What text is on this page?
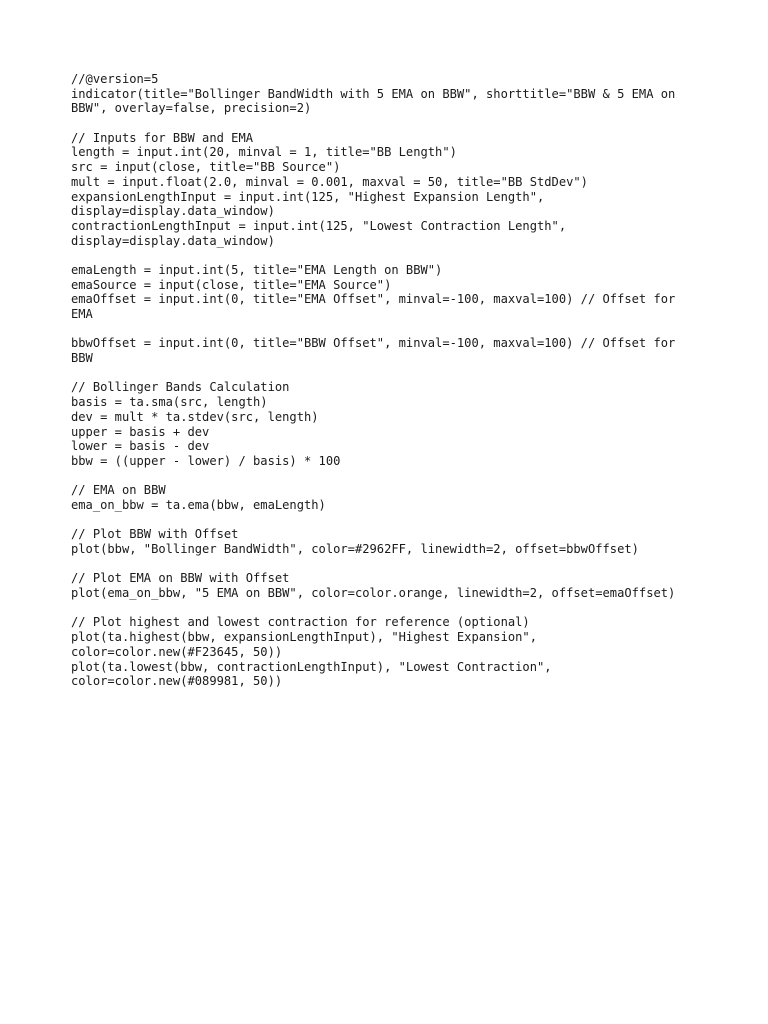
//@version=5
indicator(title="Bollinger BandWidth with 5 EMA on BBW", shorttitle="BBW & 5 EMA on
BBW", overlay=false, precision=2)
// Inputs for BBW and EMA
length = input.int(20, minval = 1, title="BB Length")
src = input(close, title="BB Source")
mult = input.float(2.0, minval = 0.001, maxval = 50, title="BB StdDev")
expansionLengthInput = input.int(125, "Highest Expansion Length",
display=display.data_window)
contractionLengthInput = input.int(125, "Lowest Contraction Length",
display=display.data_window)
emaLength = input.int(5, title="EMA Length on BBW")
emaSource = input(close, title="EMA Source")
emaOffset = input.int(0, title="EMA Offset", minval=-100, maxval=100) // Offset for
EMA
bbwOffset = input.int(0, title="BBW Offset", minval=-100, maxval=100) // Offset for
BBW
// Bollinger Bands Calculation
basis = ta.sma(src, length)
dev = mult * ta.stdev(src, length)
upper = basis + dev
lower = basis - dev
bbw = ((upper - lower) / basis) * 100
// EMA on BBW
ema_on_bbw = ta.ema(bbw, emaLength)
// Plot BBW with Offset
plot(bbw, "Bollinger BandWidth", color=#2962FF, linewidth=2, offset=bbwOffset)
// Plot EMA on BBW with Offset
plot(ema_on_bbw, "5 EMA on BBW", color=color.orange, linewidth=2, offset=emaOffset)
// Plot highest and lowest contraction for reference (optional)
plot(ta.highest(bbw, expansionLengthInput), "Highest Expansion",
color=color.new(#F23645, 50))
plot(ta.lowest(bbw, contractionLengthInput), "Lowest Contraction",
color=color.new(#089981, 50))
